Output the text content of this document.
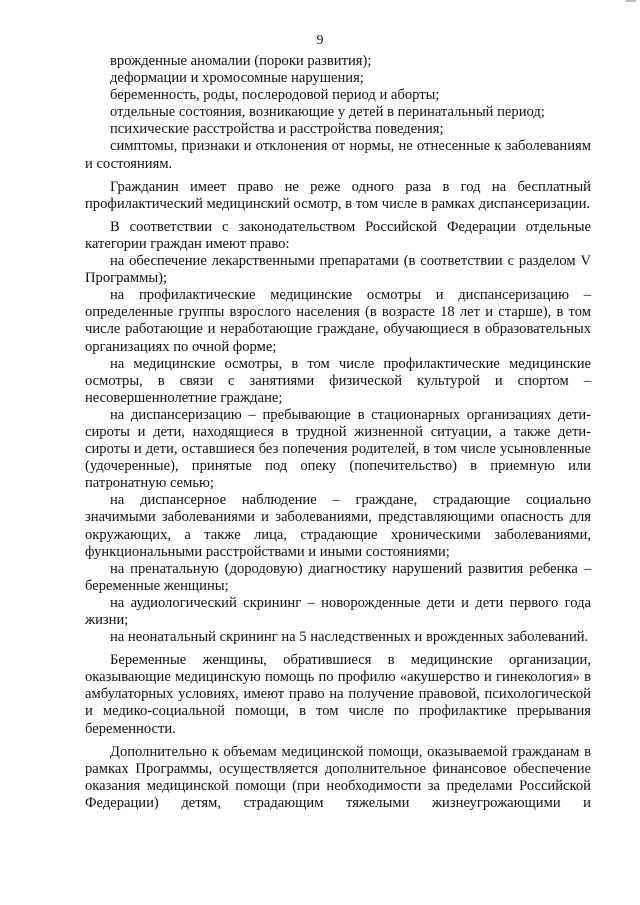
9

врожденные аномалии (пороки развития);

деформации и хромосомные нарушения;

беременность, роды, послеродовой период и аборты;

отдельные состояния, возникающие у детей в перинатальный период;

психические расстройства и расстройства поведения;

симптомы, признаки и отклонения от нормы, не отнесенные к заболеваниям и состояниям.

Гражданин имеет право не реже одного раза в год на бесплатный профилактический медицинский осмотр, в том числе в рамках диспансеризации.

В соответствии с законодательством Российской Федерации отдельные категории граждан имеют право:

на обеспечение лекарственными препаратами (в соответствии с разделом V Программы);

на профилактические медицинские осмотры и диспансеризацию – определенные группы взрослого населения (в возрасте 18 лет и старше), в том числе работающие и неработающие граждане, обучающиеся в образовательных организациях по очной форме;

на медицинские осмотры, в том числе профилактические медицинские осмотры, в связи с занятиями физической культурой и спортом – несовершеннолетние граждане;

на диспансеризацию – пребывающие в стационарных организациях дети-сироты и дети, находящиеся в трудной жизненной ситуации, а также дети-сироты и дети, оставшиеся без попечения родителей, в том числе усыновленные (удочеренные), принятые под опеку (попечительство) в приемную или патронатную семью;

на диспансерное наблюдение – граждане, страдающие социально значимыми заболеваниями и заболеваниями, представляющими опасность для окружающих, а также лица, страдающие хроническими заболеваниями, функциональными расстройствами и иными состояниями;

на пренатальную (дородовую) диагностику нарушений развития ребенка – беременные женщины;

на аудиологический скрининг – новорожденные дети и дети первого года жизни;

на неонатальный скрининг на 5 наследственных и врожденных заболеваний.

Беременные женщины, обратившиеся в медицинские организации, оказывающие медицинскую помощь по профилю «акушерство и гинекология» в амбулаторных условиях, имеют право на получение правовой, психологической и медико-социальной помощи, в том числе по профилактике прерывания беременности.

Дополнительно к объемам медицинской помощи, оказываемой гражданам в рамках Программы, осуществляется дополнительное финансовое обеспечение оказания медицинской помощи (при необходимости за пределами Российской Федерации) детям, страдающим тяжелыми жизнеугрожающими и
